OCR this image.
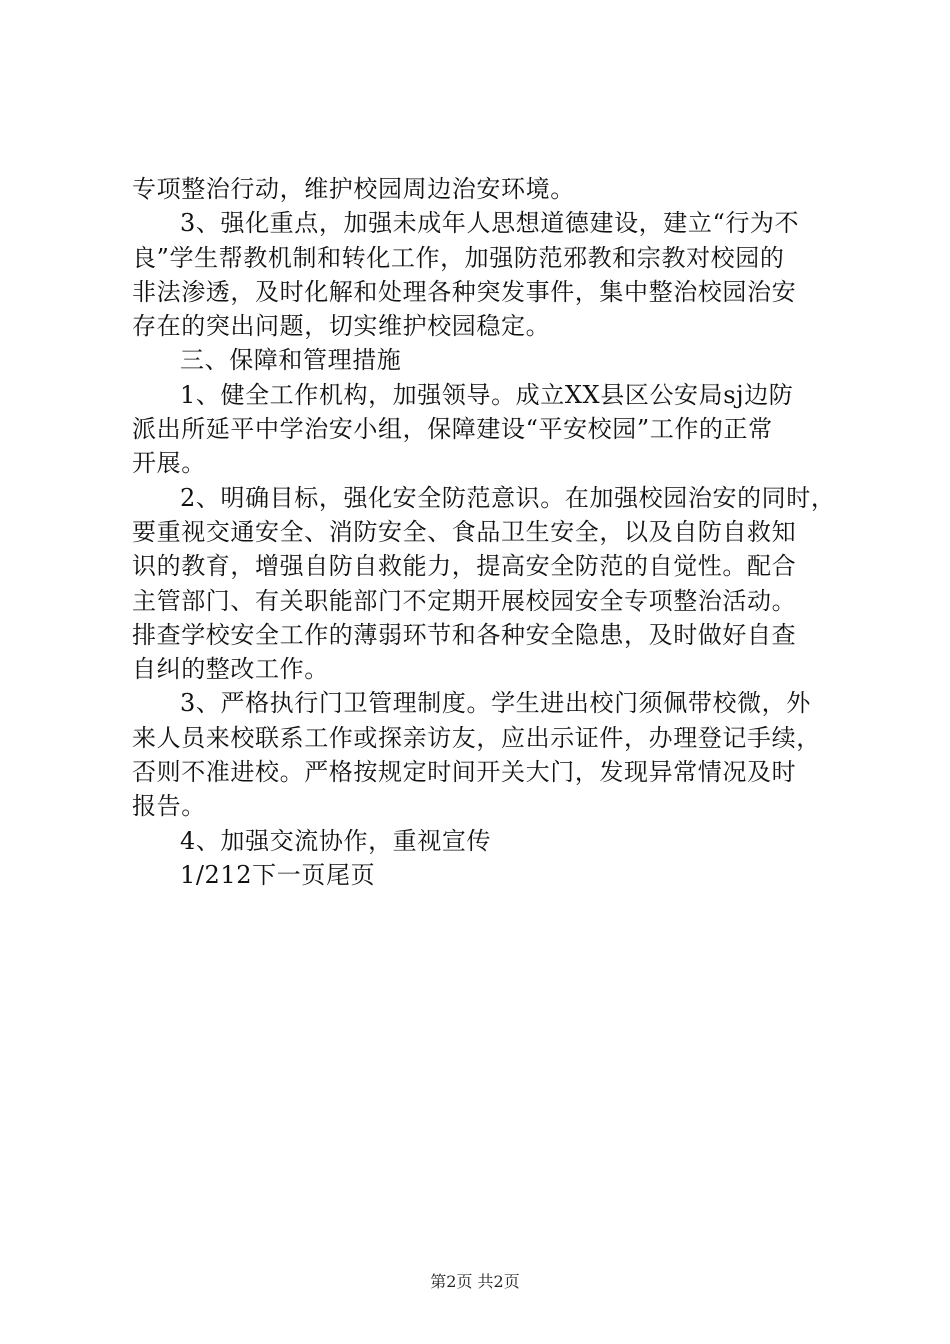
专项整治行动，维护校园周边治安环境。
3、强化重点，加强未成年人思想道德建设，建立“行为不
良”学生帮教机制和转化工作，加强防范邪教和宗教对校园的
非法渗透，及时化解和处理各种突发事件，集中整治校园治安
存在的突出问题，切实维护校园稳定。
三、保障和管理措施
1、健全工作机构，加强领导。成立XX县区公安局sj边防
派出所延平中学治安小组，保障建设“平安校园”工作的正常
开展。
2、明确目标，强化安全防范意识。在加强校园治安的同时，
要重视交通安全、消防安全、食品卫生安全，以及自防自救知
识的教育，增强自防自救能力，提高安全防范的自觉性。配合
主管部门、有关职能部门不定期开展校园安全专项整治活动。
排查学校安全工作的薄弱环节和各种安全隐患，及时做好自查
自纠的整改工作。
3、严格执行门卫管理制度。学生进出校门须佩带校微，外
来人员来校联系工作或探亲访友，应出示证件，办理登记手续，
否则不准进校。严格按规定时间开关大门，发现异常情况及时
报告。
4、加强交流协作，重视宣传
1/212下一页尾页
第2页 共2页
